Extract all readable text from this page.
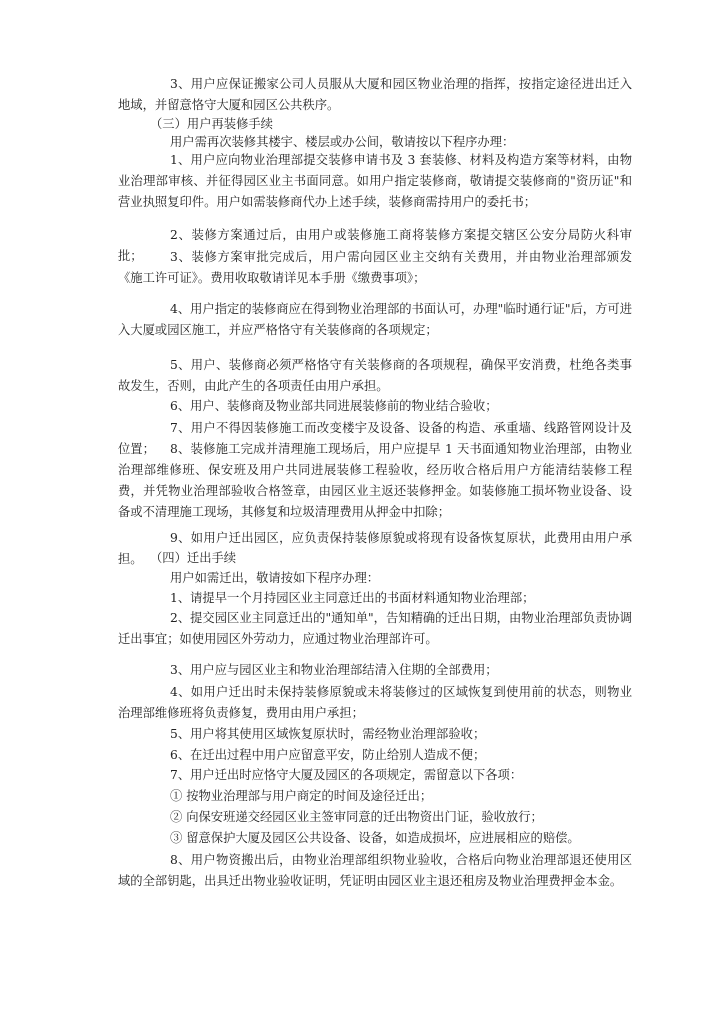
3、用户应保证搬家公司人员服从大厦和园区物业治理的指挥，按指定途径进出迁入地域，并留意恪守大厦和园区公共秩序。

（三）用户再装修手续

用户需再次装修其楼宇、楼层或办公间，敬请按以下程序办理：

1、用户应向物业治理部提交装修申请书及 3 套装修、材料及构造方案等材料，由物业治理部审核、并征得园区业主书面同意。如用户指定装修商，敬请提交装修商的"资历证"和营业执照复印件。用户如需装修商代办上述手续，装修商需持用户的委托书；

2、装修方案通过后，由用户或装修施工商将装修方案提交辖区公安分局防火科审批；	3、装修方案审批完成后，用户需向园区业主交纳有关费用，并由物业治理部颁发《施工许可证》。费用收取敬请详见本手册《缴费事项》；

4、用户指定的装修商应在得到物业治理部的书面认可，办理"临时通行证"后，方可进入大厦或园区施工，并应严格恪守有关装修商的各项规定；

5、用户、装修商必须严格恪守有关装修商的各项规程，确保平安消费，杜绝各类事故发生，否则，由此产生的各项责任由用户承担。

6、用户、装修商及物业部共同进展装修前的物业结合验收；

7、用户不得因装修施工而改变楼宇及设备、设备的构造、承重墙、线路管网设计及位置；	8、装修施工完成并清理施工现场后，用户应提早 1 天书面通知物业治理部，由物业治理部维修班、保安班及用户共同进展装修工程验收，经历收合格后用户方能清结装修工程费，并凭物业治理部验收合格签章，由园区业主返还装修押金。如装修施工损坏物业设备、设备或不清理施工现场，其修复和垃圾清理费用从押金中扣除；

9、如用户迁出园区，应负责保持装修原貌或将现有设备恢复原状，此费用由用户承担。 （四）迁出手续

用户如需迁出，敬请按如下程序办理：

1、请提早一个月持园区业主同意迁出的书面材料通知物业治理部；

2、提交园区业主同意迁出的"通知单"，告知精确的迁出日期，由物业治理部负责协调迁出事宜；如使用园区外劳动力，应通过物业治理部许可。

3、用户应与园区业主和物业治理部结清入住期的全部费用；

4、如用户迁出时未保持装修原貌或未将装修过的区域恢复到使用前的状态，则物业治理部维修班将负责修复，费用由用户承担；

5、用户将其使用区域恢复原状时，需经物业治理部验收；

6、在迁出过程中用户应留意平安，防止给别人造成不便；

7、用户迁出时应恪守大厦及园区的各项规定，需留意以下各项：

① 按物业治理部与用户商定的时间及途径迁出；

② 向保安班递交经园区业主签审同意的迁出物资出门证，验收放行；

③ 留意保护大厦及园区公共设备、设备，如造成损坏，应进展相应的赔偿。

8、用户物资搬出后，由物业治理部组织物业验收，合格后向物业治理部退还使用区域的全部钥匙，出具迁出物业验收证明，凭证明由园区业主退还租房及物业治理费押金本金。
